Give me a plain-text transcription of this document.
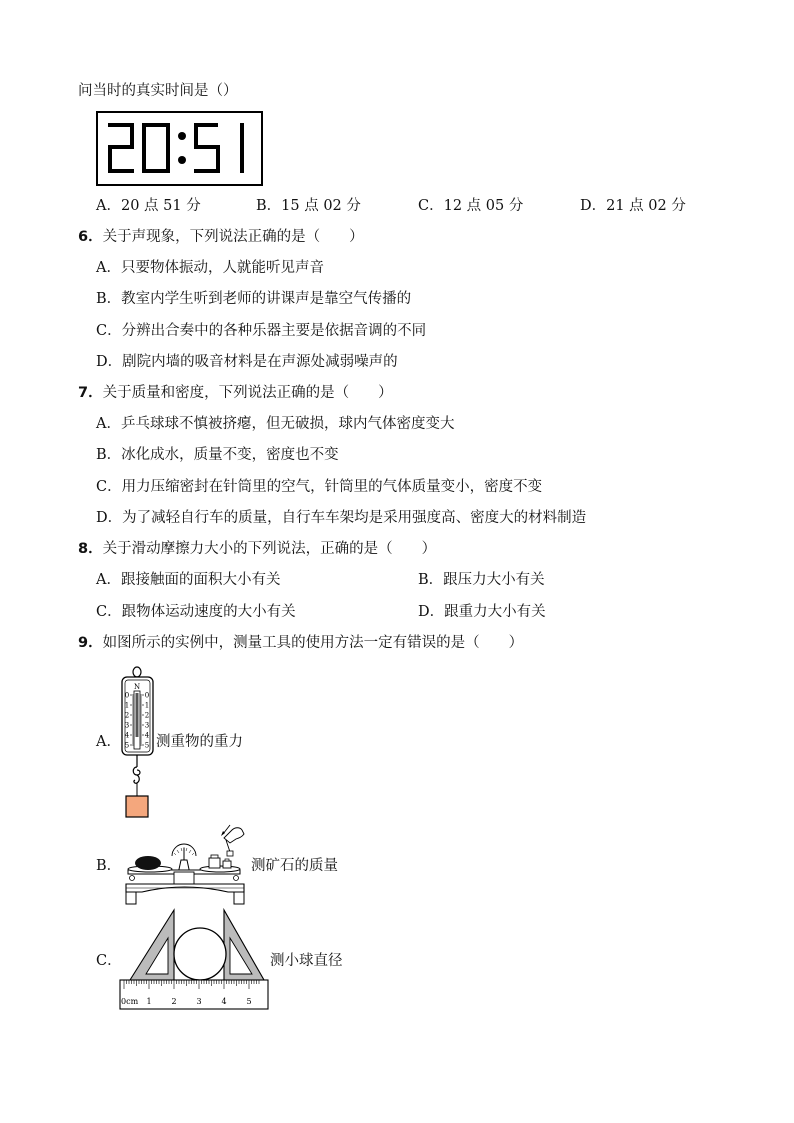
问当时的真实时间是（）
A．20 点 51 分	B．15 点 02 分	C．12 点 05 分	D．21 点 02 分
6．关于声现象，下列说法正确的是（　　）
A．只要物体振动，人就能听见声音
B．教室内学生听到老师的讲课声是靠空气传播的
C．分辨出合奏中的各种乐器主要是依据音调的不同
D．剧院内墙的吸音材料是在声源处减弱噪声的
7．关于质量和密度，下列说法正确的是（　　）
A．乒乓球球不慎被挤瘪，但无破损，球内气体密度变大
B．冰化成水，质量不变，密度也不变
C．用力压缩密封在针筒里的空气，针筒里的气体质量变小，密度不变
D．为了减轻自行车的质量，自行车车架均是采用强度高、密度大的材料制造
8．关于滑动摩擦力大小的下列说法，正确的是（　　）
A．跟接触面的面积大小有关	B．跟压力大小有关
C．跟物体运动速度的大小有关	D．跟重力大小有关
9．如图所示的实例中，测量工具的使用方法一定有错误的是（　　）
A．
N
0 0
1 1
2 2
3 3
4 4
5 5 测重物的重力
B．	测矿石的质量
C．
0cm 1 2 3 4 5
测小球直径
